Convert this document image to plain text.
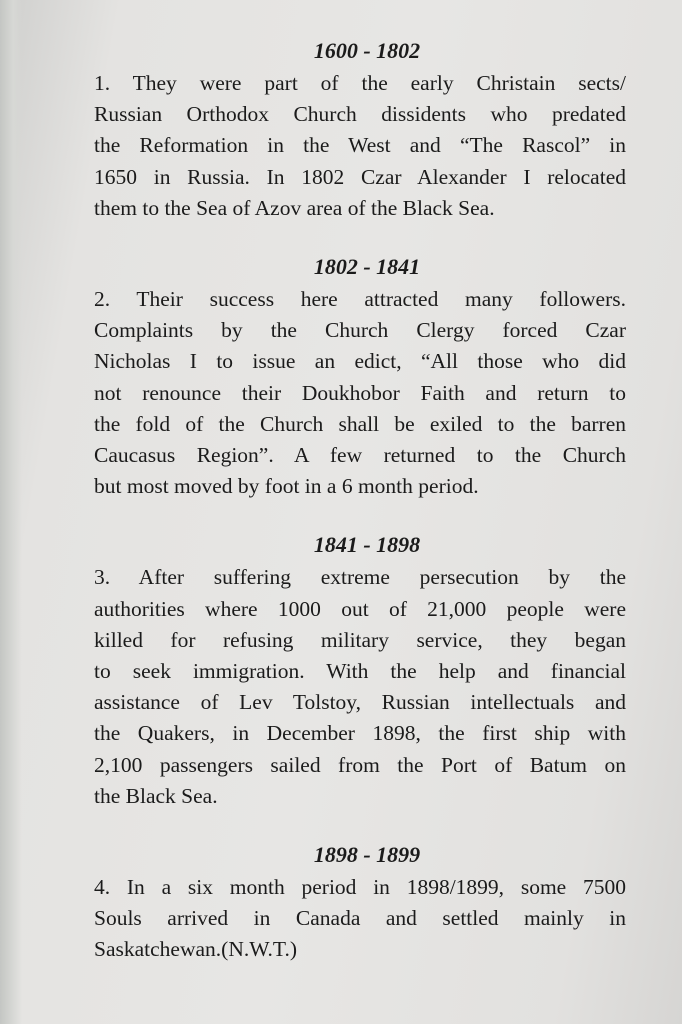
1600 - 1802

1. They were part of the early Christain sects/
Russian Orthodox Church dissidents who predated
the Reformation in the West and “The Rascol” in
1650 in Russia. In 1802 Czar Alexander I relocated
them to the Sea of Azov area of the Black Sea.

1802 - 1841

2. Their success here attracted many followers.
Complaints by the Church Clergy forced Czar
Nicholas I to issue an edict, “All those who did
not renounce their Doukhobor Faith and return to
the fold of the Church shall be exiled to the barren
Caucasus Region”. A few returned to the Church
but most moved by foot in a 6 month period.

1841 - 1898

3. After suffering extreme persecution by the
authorities where 1000 out of 21,000 people were
killed for refusing military service, they began
to seek immigration. With the help and financial
assistance of Lev Tolstoy, Russian intellectuals and
the Quakers, in December 1898, the first ship with
2,100 passengers sailed from the Port of Batum on
the Black Sea.

1898 - 1899

4. In a six month period in 1898/1899, some 7500
Souls arrived in Canada and settled mainly in
Saskatchewan.(N.W.T.)
